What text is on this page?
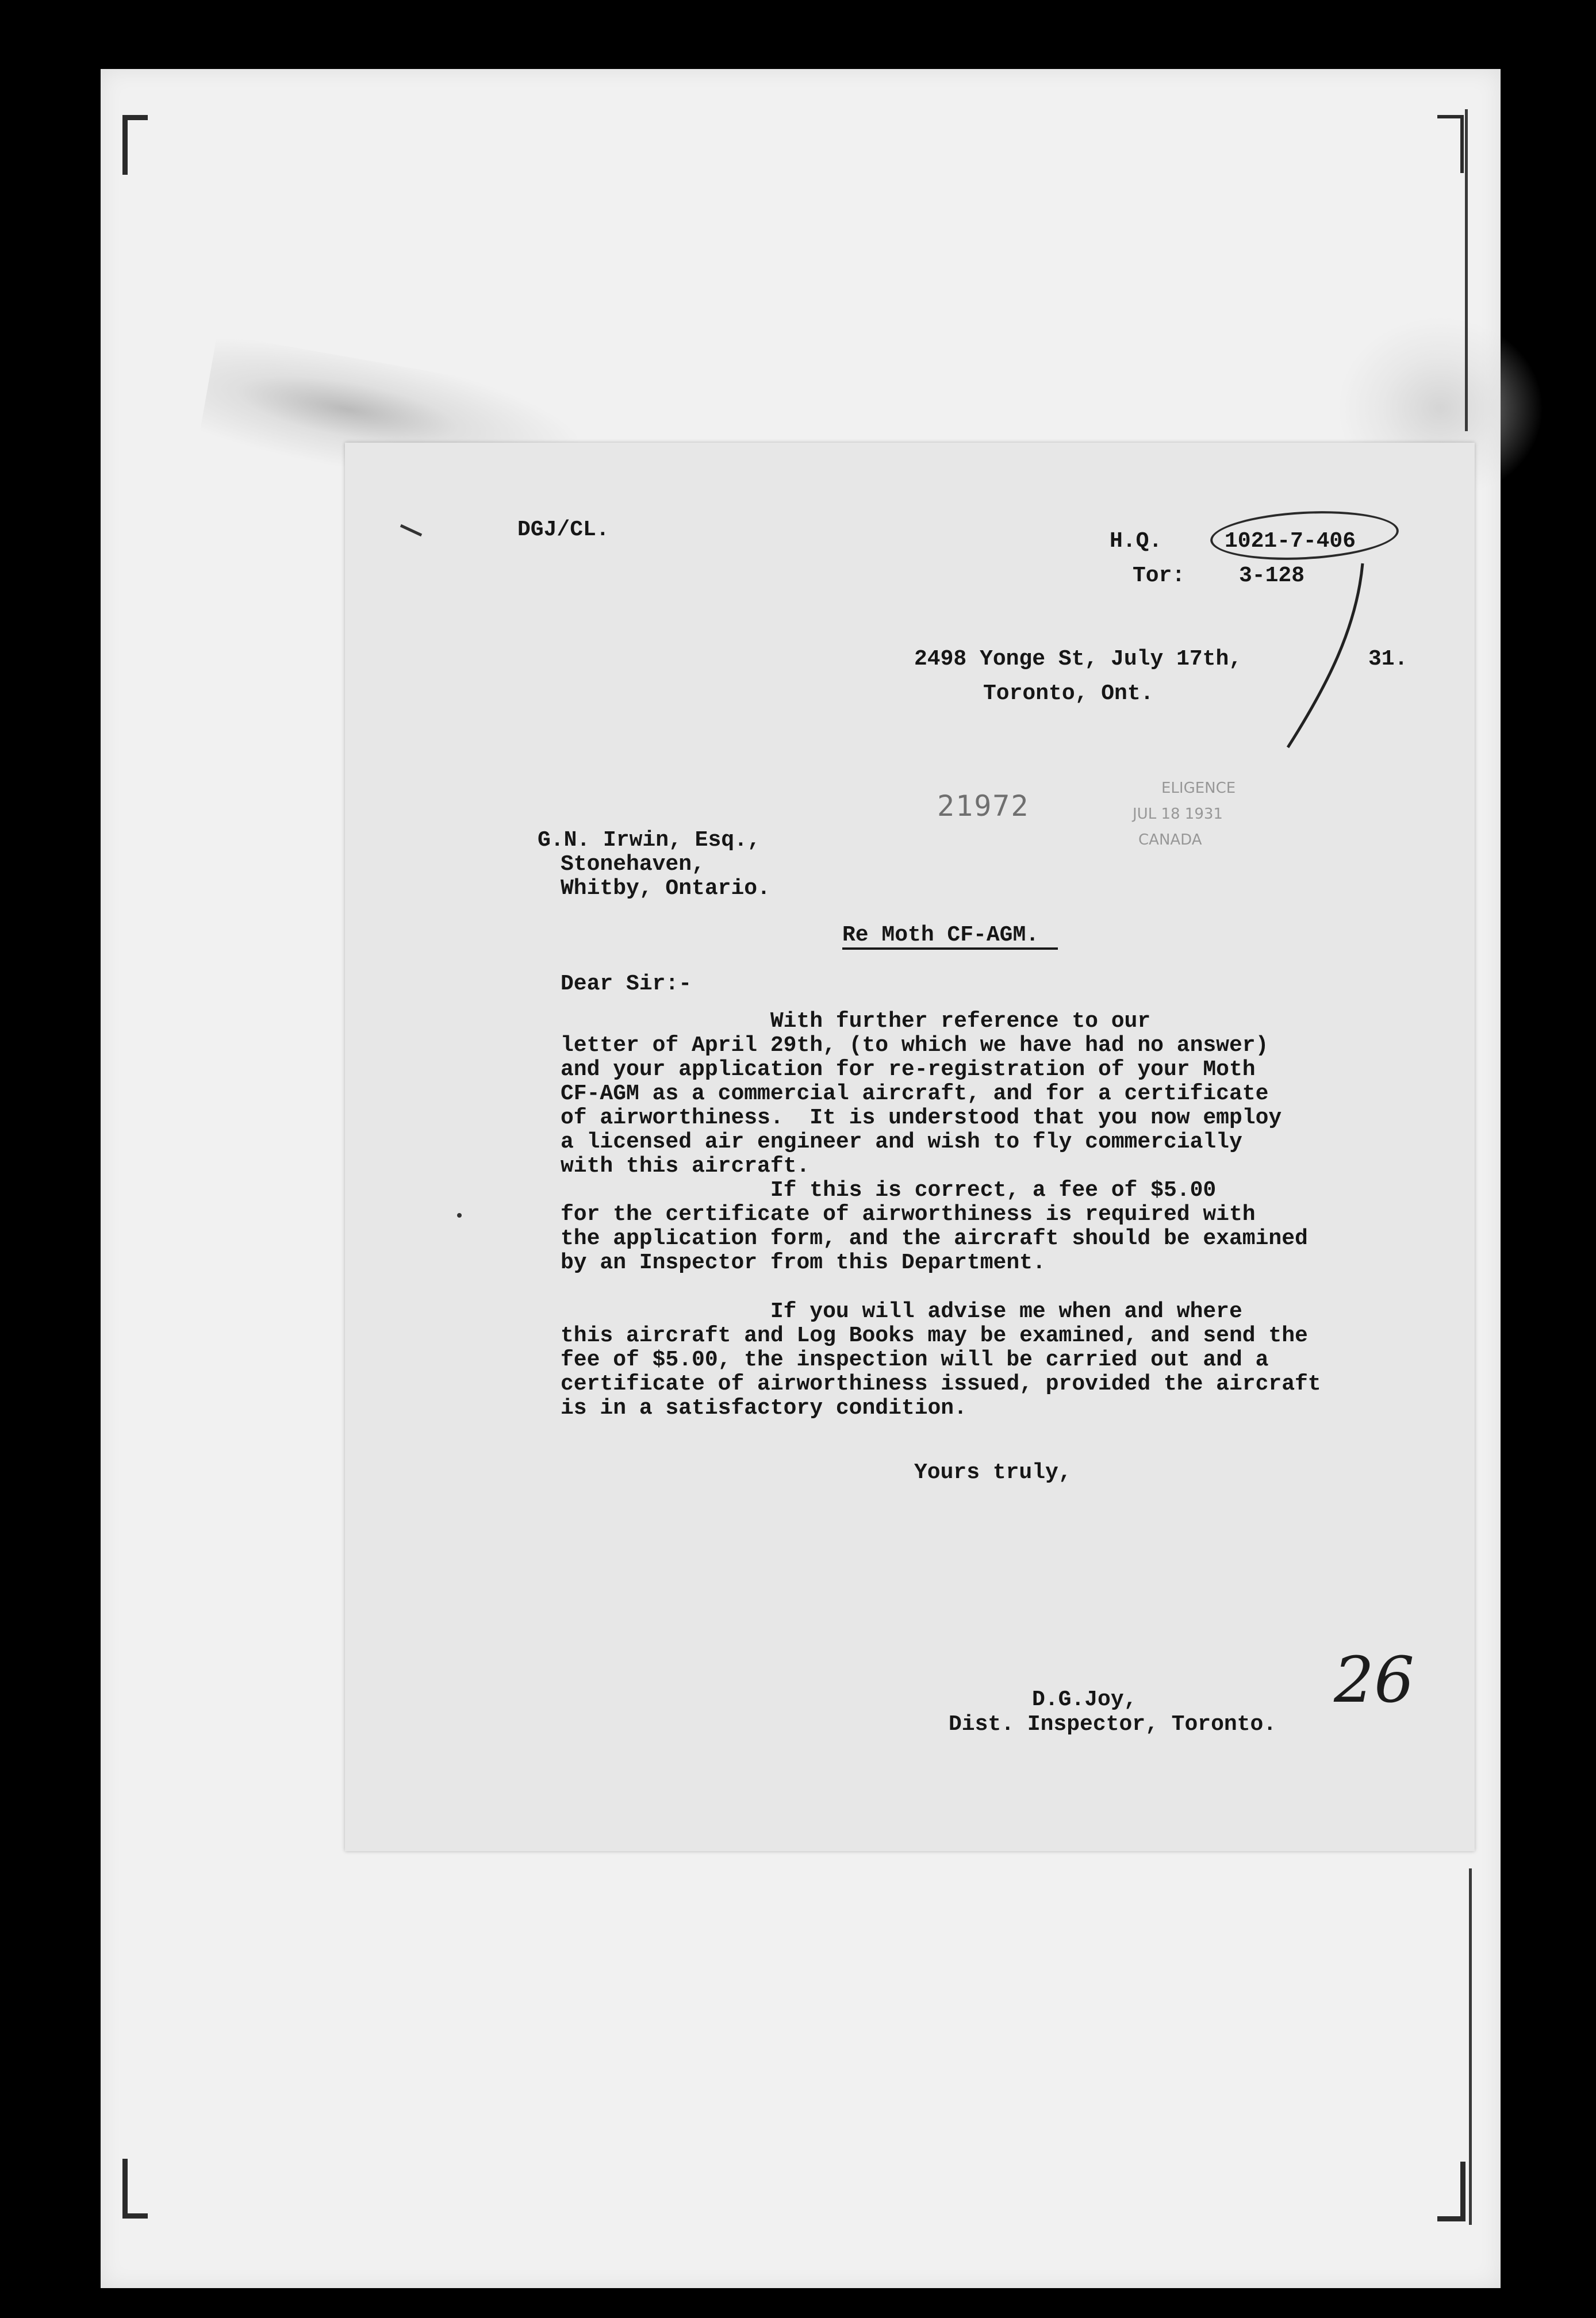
DGJ/CL.	H.Q.	1021-7-406
Tor: 3-128
2498 Yonge St, July 17th,	31.
Toronto, Ont.
21972
ELIGENCE
JUL 18 1931
CANADA
G.N. Irwin, Esq.,
Stonehaven,
Whitby, Ontario.
Re Moth CF-AGM.
Dear Sir:-
With further reference to our
letter of April 29th, (to which we have had no answer)
and your application for re-registration of your Moth
CF-AGM as a commercial aircraft, and for a certificate
of airworthiness.  It is understood that you now employ
a licensed air engineer and wish to fly commercially
with this aircraft.
If this is correct, a fee of $5.00
for the certificate of airworthiness is required with
the application form, and the aircraft should be examined
by an Inspector from this Department.
If you will advise me when and where
this aircraft and Log Books may be examined, and send the
fee of $5.00, the inspection will be carried out and a
certificate of airworthiness issued, provided the aircraft
is in a satisfactory condition.
Yours truly,
D.G.Joy,
Dist. Inspector, Toronto.
26
